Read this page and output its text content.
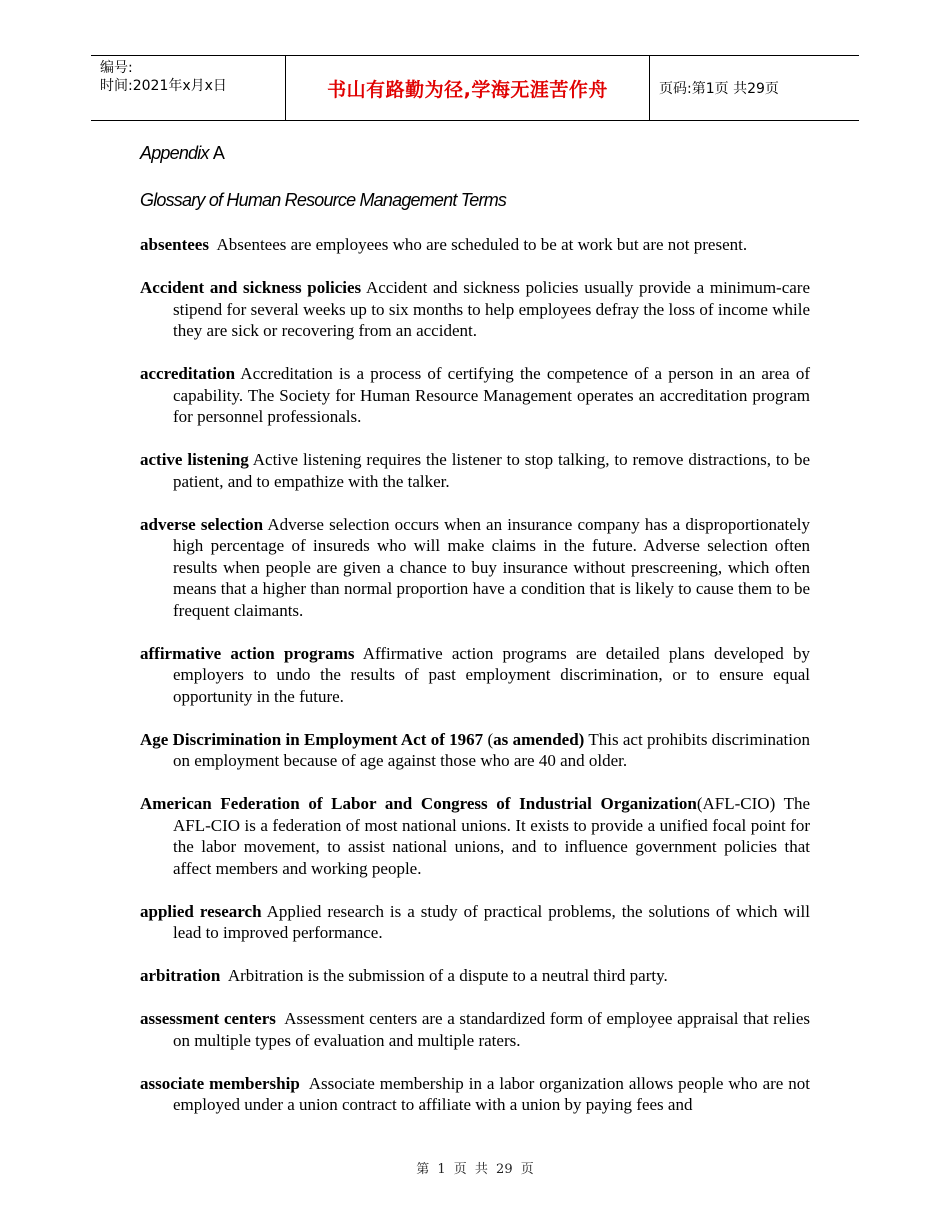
编号:
时间:2021年x月x日	书山有路勤为径,学海无涯苦作舟	页码:第1页 共29页
Appendix A
Glossary of Human Resource Management Terms

absentees Absentees are employees who are scheduled to be at work but are not present.

Accident and sickness policies Accident and sickness policies usually provide a minimum-care stipend for several weeks up to six months to help employees defray the loss of income while they are sick or recovering from an accident.

accreditation Accreditation is a process of certifying the competence of a person in an area of capability. The Society for Human Resource Management operates an accreditation program for personnel professionals.

active listening Active listening requires the listener to stop talking, to remove distractions, to be patient, and to empathize with the talker.

adverse selection Adverse selection occurs when an insurance company has a disproportionately high percentage of insureds who will make claims in the future. Adverse selection often results when people are given a chance to buy insurance without prescreening, which often means that a higher than normal proportion have a condition that is likely to cause them to be frequent claimants.

affirmative action programs Affirmative action programs are detailed plans developed by employers to undo the results of past employment discrimination, or to ensure equal opportunity in the future.

Age Discrimination in Employment Act of 1967 (as amended) This act prohibits discrimination on employment because of age against those who are 40 and older.

American Federation of Labor and Congress of Industrial Organization(AFL-CIO) The AFL-CIO is a federation of most national unions. It exists to provide a unified focal point for the labor movement, to assist national unions, and to influence government policies that affect members and working people.

applied research Applied research is a study of practical problems, the solutions of which will lead to improved performance.

arbitration Arbitration is the submission of a dispute to a neutral third party.

assessment centers Assessment centers are a standardized form of employee appraisal that relies on multiple types of evaluation and multiple raters.

associate membership Associate membership in a labor organization allows people who are not employed under a union contract to affiliate with a union by paying fees and

第 1 页 共 29 页
